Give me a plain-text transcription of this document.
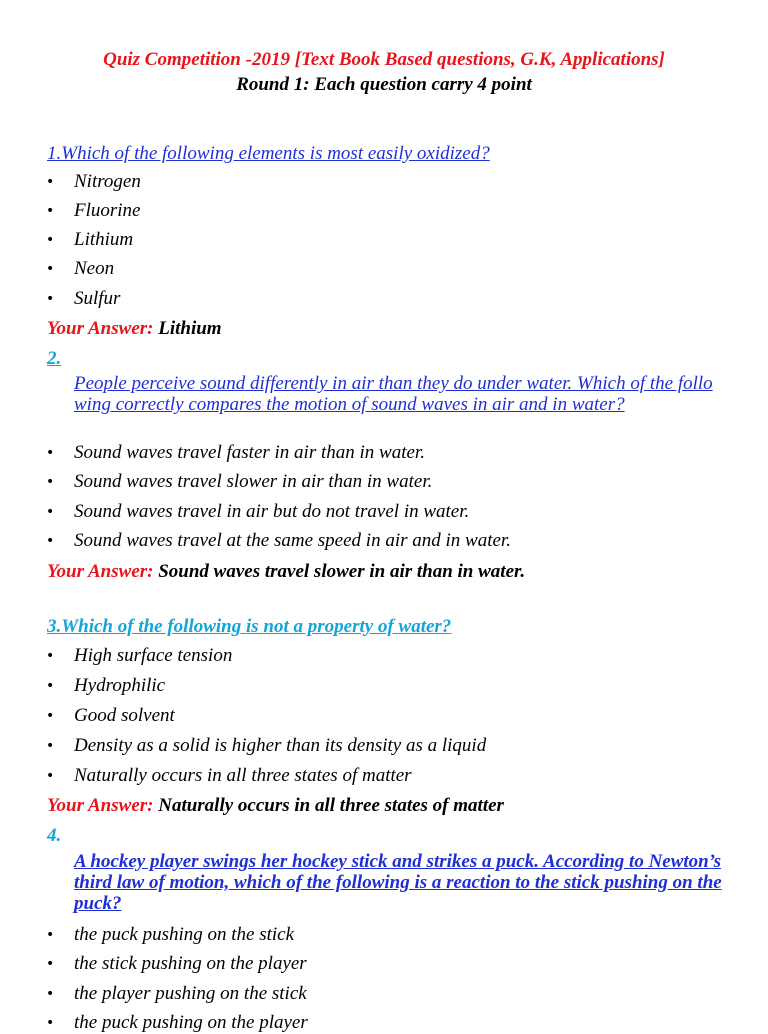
Quiz Competition -2019 [Text Book Based questions, G.K, Applications]
Round 1: Each question carry 4 point
1.Which of the following elements is most easily oxidized?
• Nitrogen
• Fluorine
• Lithium
• Neon
• Sulfur
Your Answer: Lithium
2.
People perceive sound differently in air than they do under water. Which of the following correctly compares the motion of sound waves in air and in water?
• Sound waves travel faster in air than in water.
• Sound waves travel slower in air than in water.
• Sound waves travel in air but do not travel in water.
• Sound waves travel at the same speed in air and in water.
Your Answer: Sound waves travel slower in air than in water.
3.Which of the following is not a property of water?
• High surface tension
• Hydrophilic
• Good solvent
• Density as a solid is higher than its density as a liquid
• Naturally occurs in all three states of matter
Your Answer: Naturally occurs in all three states of matter
4.
A hockey player swings her hockey stick and strikes a puck. According to Newton’s third law of motion, which of the following is a reaction to the stick pushing on the puck?
• the puck pushing on the stick
• the stick pushing on the player
• the player pushing on the stick
• the puck pushing on the player
